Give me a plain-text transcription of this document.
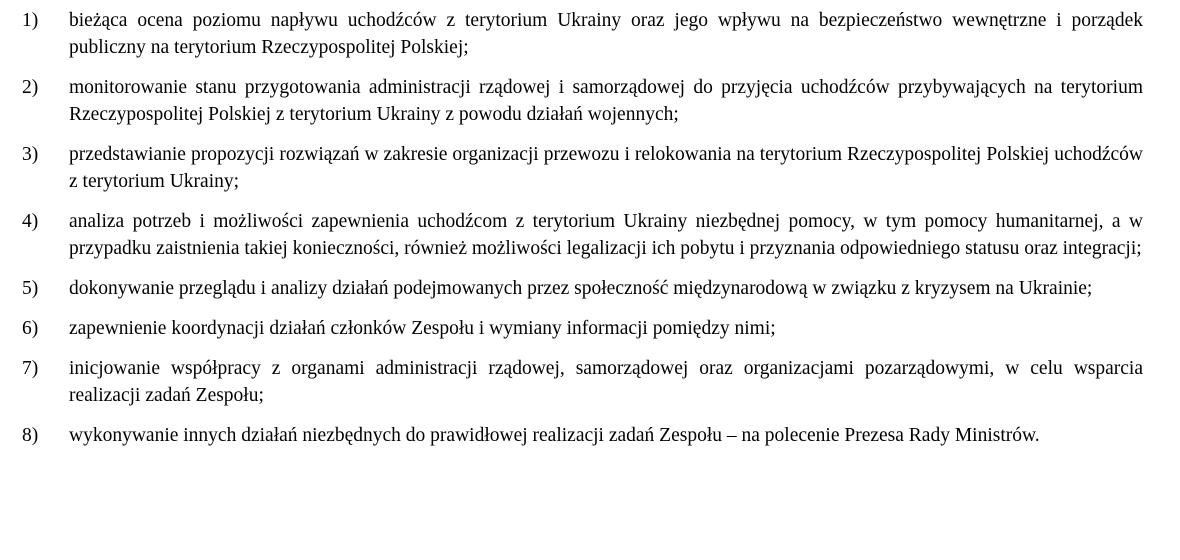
1) bieżąca ocena poziomu napływu uchodźców z terytorium Ukrainy oraz jego wpływu na bezpieczeństwo wewnętrzne i porządek publiczny na terytorium Rzeczypospolitej Polskiej;
2) monitorowanie stanu przygotowania administracji rządowej i samorządowej do przyjęcia uchodźców przybywających na terytorium Rzeczypospolitej Polskiej z terytorium Ukrainy z powodu działań wojennych;
3) przedstawianie propozycji rozwiązań w zakresie organizacji przewozu i relokowania na terytorium Rzeczypospolitej Polskiej uchodźców z terytorium Ukrainy;
4) analiza potrzeb i możliwości zapewnienia uchodźcom z terytorium Ukrainy niezbędnej pomocy, w tym pomocy humanitarnej, a w przypadku zaistnienia takiej konieczności, również możliwości legalizacji ich pobytu i przyznania odpowiedniego statusu oraz integracji;
5) dokonywanie przeglądu i analizy działań podejmowanych przez społeczność międzynarodową w związku z kryzysem na Ukrainie;
6) zapewnienie koordynacji działań członków Zespołu i wymiany informacji pomiędzy nimi;
7) inicjowanie współpracy z organami administracji rządowej, samorządowej oraz organizacjami pozarządowymi, w celu wsparcia realizacji zadań Zespołu;
8) wykonywanie innych działań niezbędnych do prawidłowej realizacji zadań Zespołu – na polecenie Prezesa Rady Ministrów.
